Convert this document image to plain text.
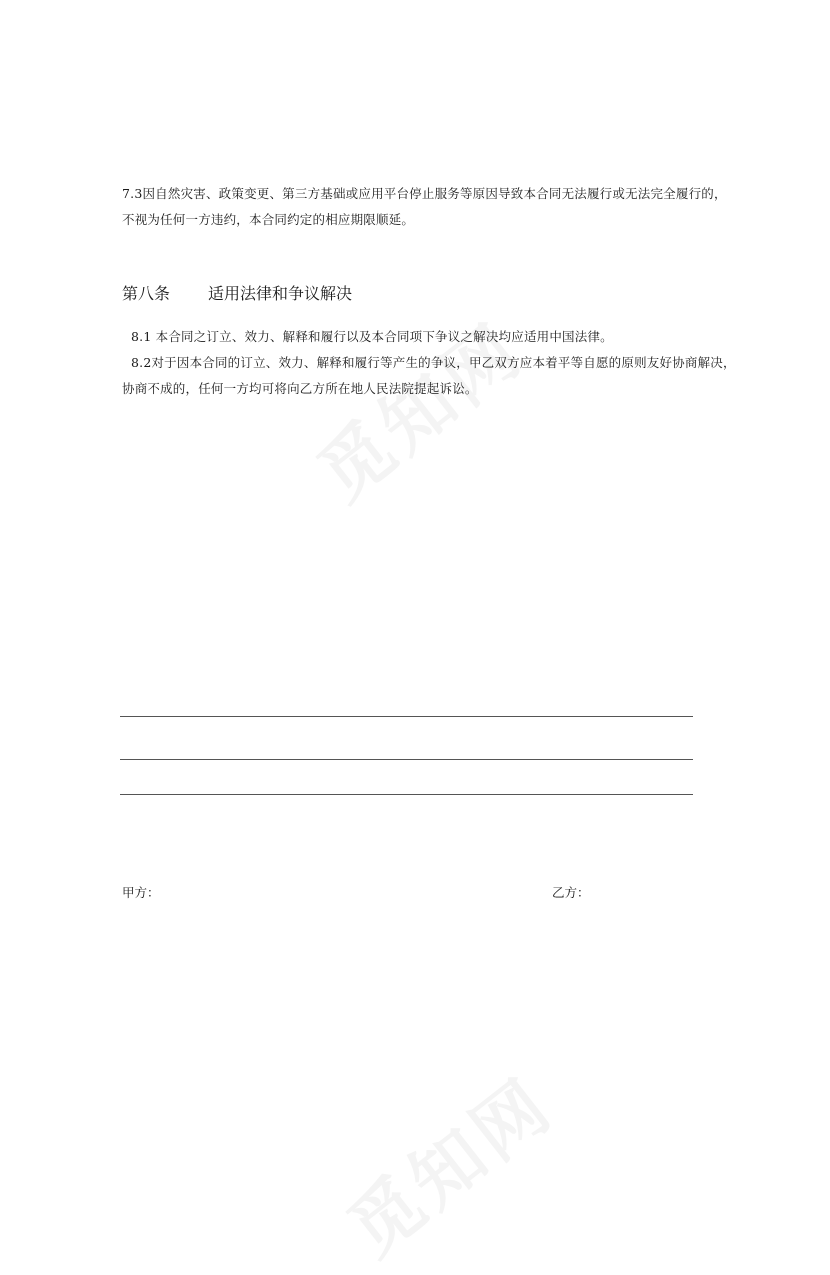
7.3因自然灾害、政策变更、第三方基础或应用平台停止服务等原因导致本合同无法履行或无法完全履行的，

不视为任何一方违约，本合同约定的相应期限顺延。

第八条 适用法律和争议解决

8.1 本合同之订立、效力、解释和履行以及本合同项下争议之解决均应适用中国法律。

8.2对于因本合同的订立、效力、解释和履行等产生的争议，甲乙双方应本着平等自愿的原则友好协商解决，

协商不成的，任何一方均可将向乙方所在地人民法院提起诉讼。

甲方：	乙方：
